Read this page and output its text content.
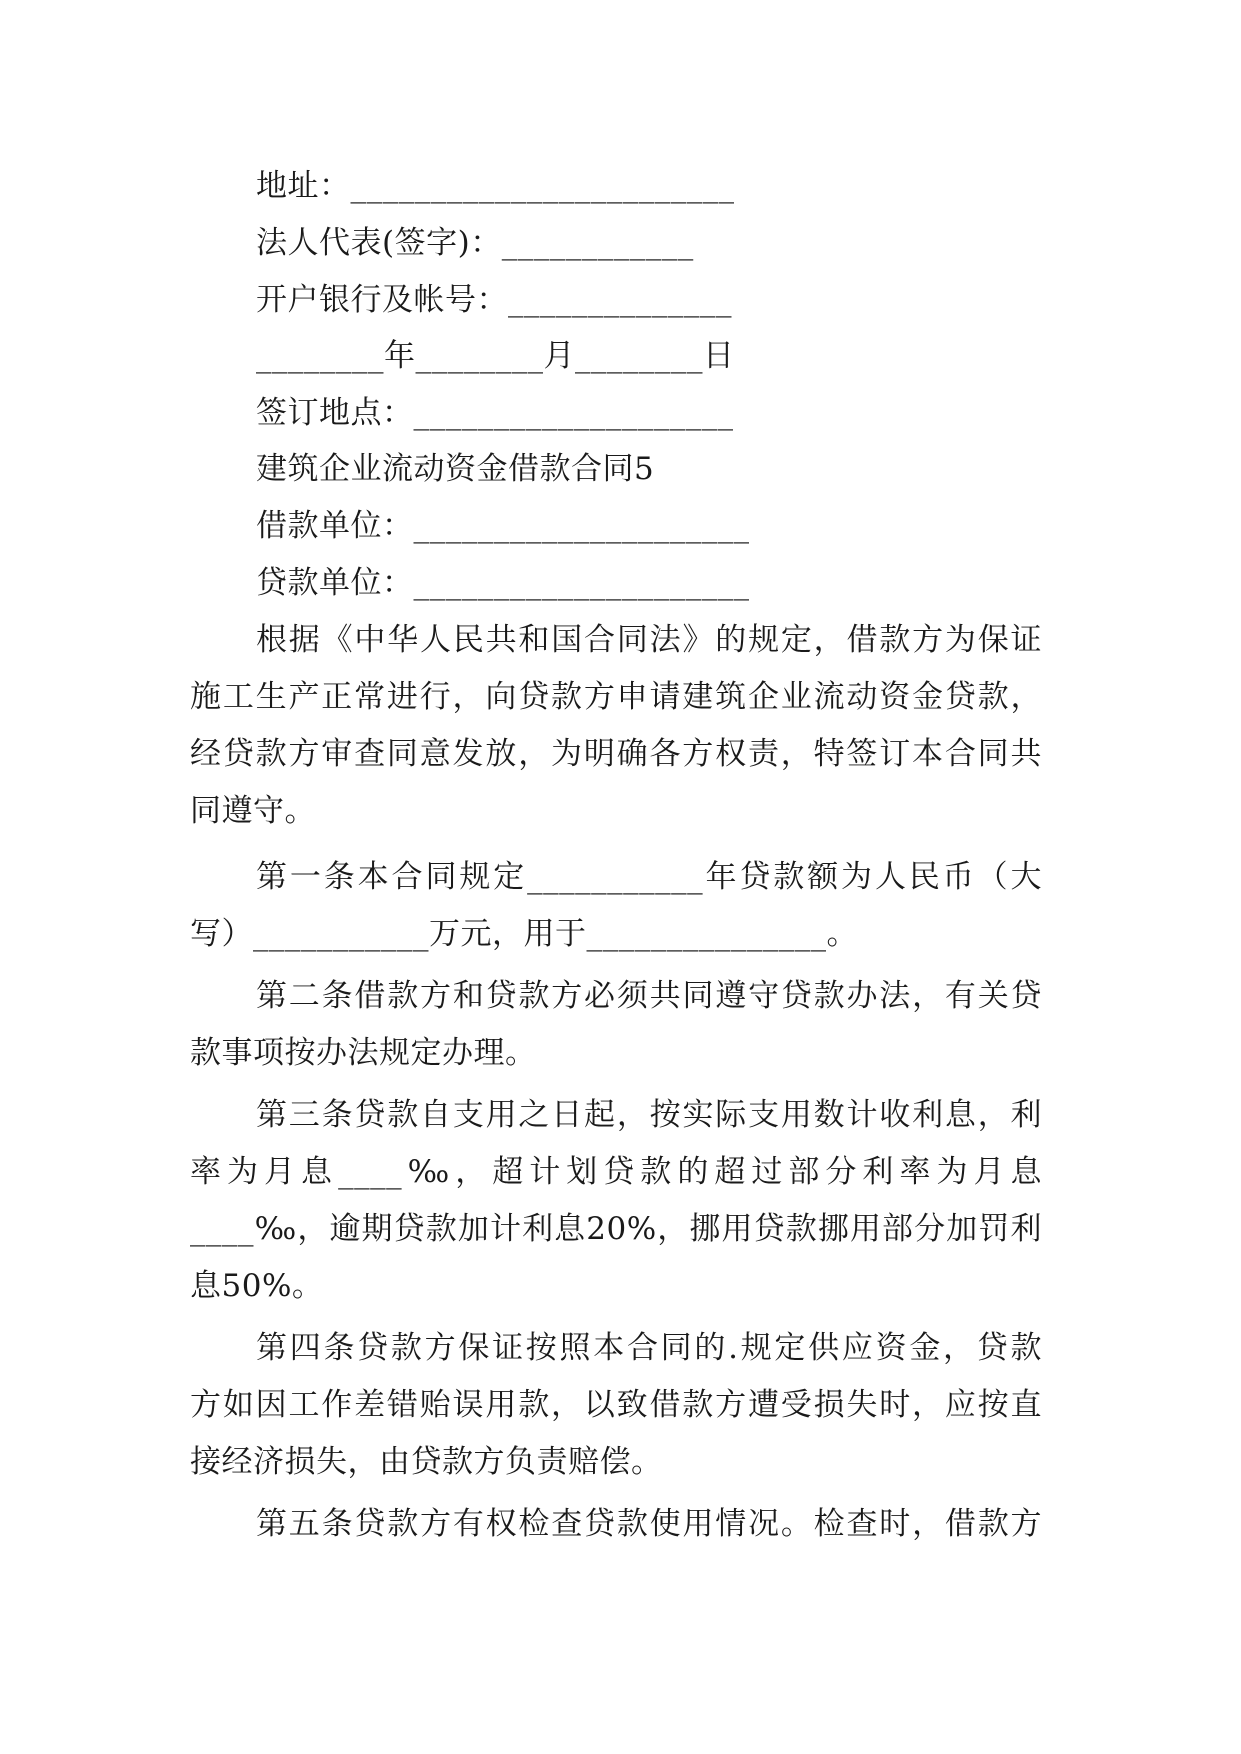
地址：________________________
法人代表(签字)：____________
开户银行及帐号：______________
________年________月________日
签订地点：____________________
建筑企业流动资金借款合同5
借款单位：_____________________
贷款单位：_____________________
根据《中华人民共和国合同法》的规定，借款方为保证
施工生产正常进行，向贷款方申请建筑企业流动资金贷款，
经贷款方审查同意发放，为明确各方权责，特签订本合同共
同遵守。
第一条本合同规定___________年贷款额为人民币（大
写）___________万元，用于_______________。
第二条借款方和贷款方必须共同遵守贷款办法，有关贷
款事项按办法规定办理。
第三条贷款自支用之日起，按实际支用数计收利息，利
率为月息____‰，超计划贷款的超过部分利率为月息
____‰，逾期贷款加计利息20%，挪用贷款挪用部分加罚利
息50%。
第四条贷款方保证按照本合同的.规定供应资金，贷款
方如因工作差错贻误用款，以致借款方遭受损失时，应按直
接经济损失，由贷款方负责赔偿。
第五条贷款方有权检查贷款使用情况。检查时，借款方
